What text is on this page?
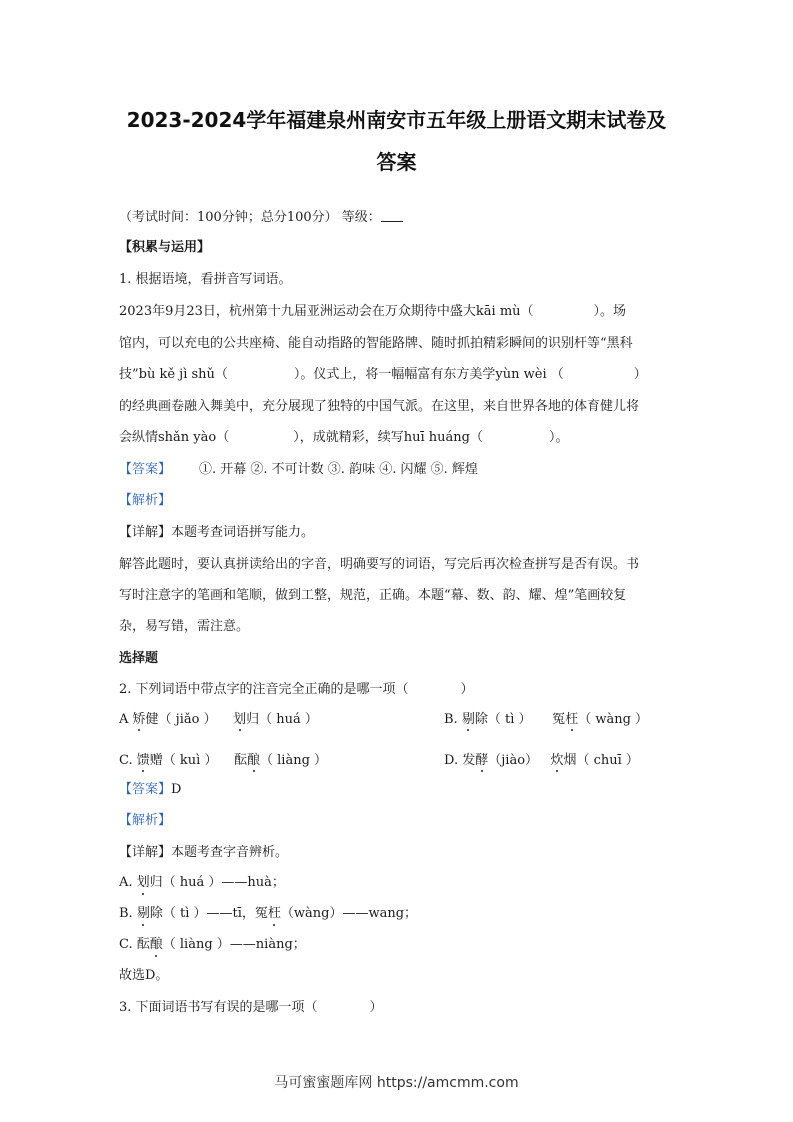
2023-2024学年福建泉州南安市五年级上册语文期末试卷及
答案
（考试时间：100分钟；总分100分） 等级：
【积累与运用】
1. 根据语境，看拼音写词语。
2023年9月23日，杭州第十九届亚洲运动会在万众期待中盛大kāi mù（	）。场
馆内，可以充电的公共座椅、能自动指路的智能路牌、随时抓拍精彩瞬间的识别杆等“黑科
技”bù kě jì shǔ（	）。仪式上，将一幅幅富有东方美学yùn wèi （	）
的经典画卷融入舞美中，充分展现了独特的中国气派。在这里，来自世界各地的体育健儿将
会纵情shǎn yào（	），成就精彩，续写huī huáng（	）。
【答案】 ①. 开幕 ②. 不可计数 ③. 韵味 ④. 闪耀 ⑤. 辉煌
【解析】
【详解】本题考查词语拼写能力。
解答此题时，要认真拼读给出的字音，明确要写的词语，写完后再次检查拼写是否有误。书
写时注意字的笔画和笔顺，做到工整，规范，正确。本题“幕、数、韵、耀、煌”笔画较复
杂，易写错，需注意。
选择题
2. 下列词语中带点字的注音完全正确的是哪一项（	）
A 矫健（ jiǎo ） 划归（ huá ）	B. 剔除（ tì ） 冤枉（ wàng ）
C. 馈赠（ kuì ） 酝酿（ liàng ）	D. 发酵（jiào） 炊烟（ chuī ）
【答案】D
【解析】
【详解】本题考查字音辨析。
A. 划归（ huá ）——huà；
B. 剔除（ tì ）——tī，冤枉（wàng）——wang；
C. 酝酿（ liàng ）——niàng；
故选D。
3. 下面词语书写有误的是哪一项（	）
马可蜜蜜题库网 https://amcmm.com
